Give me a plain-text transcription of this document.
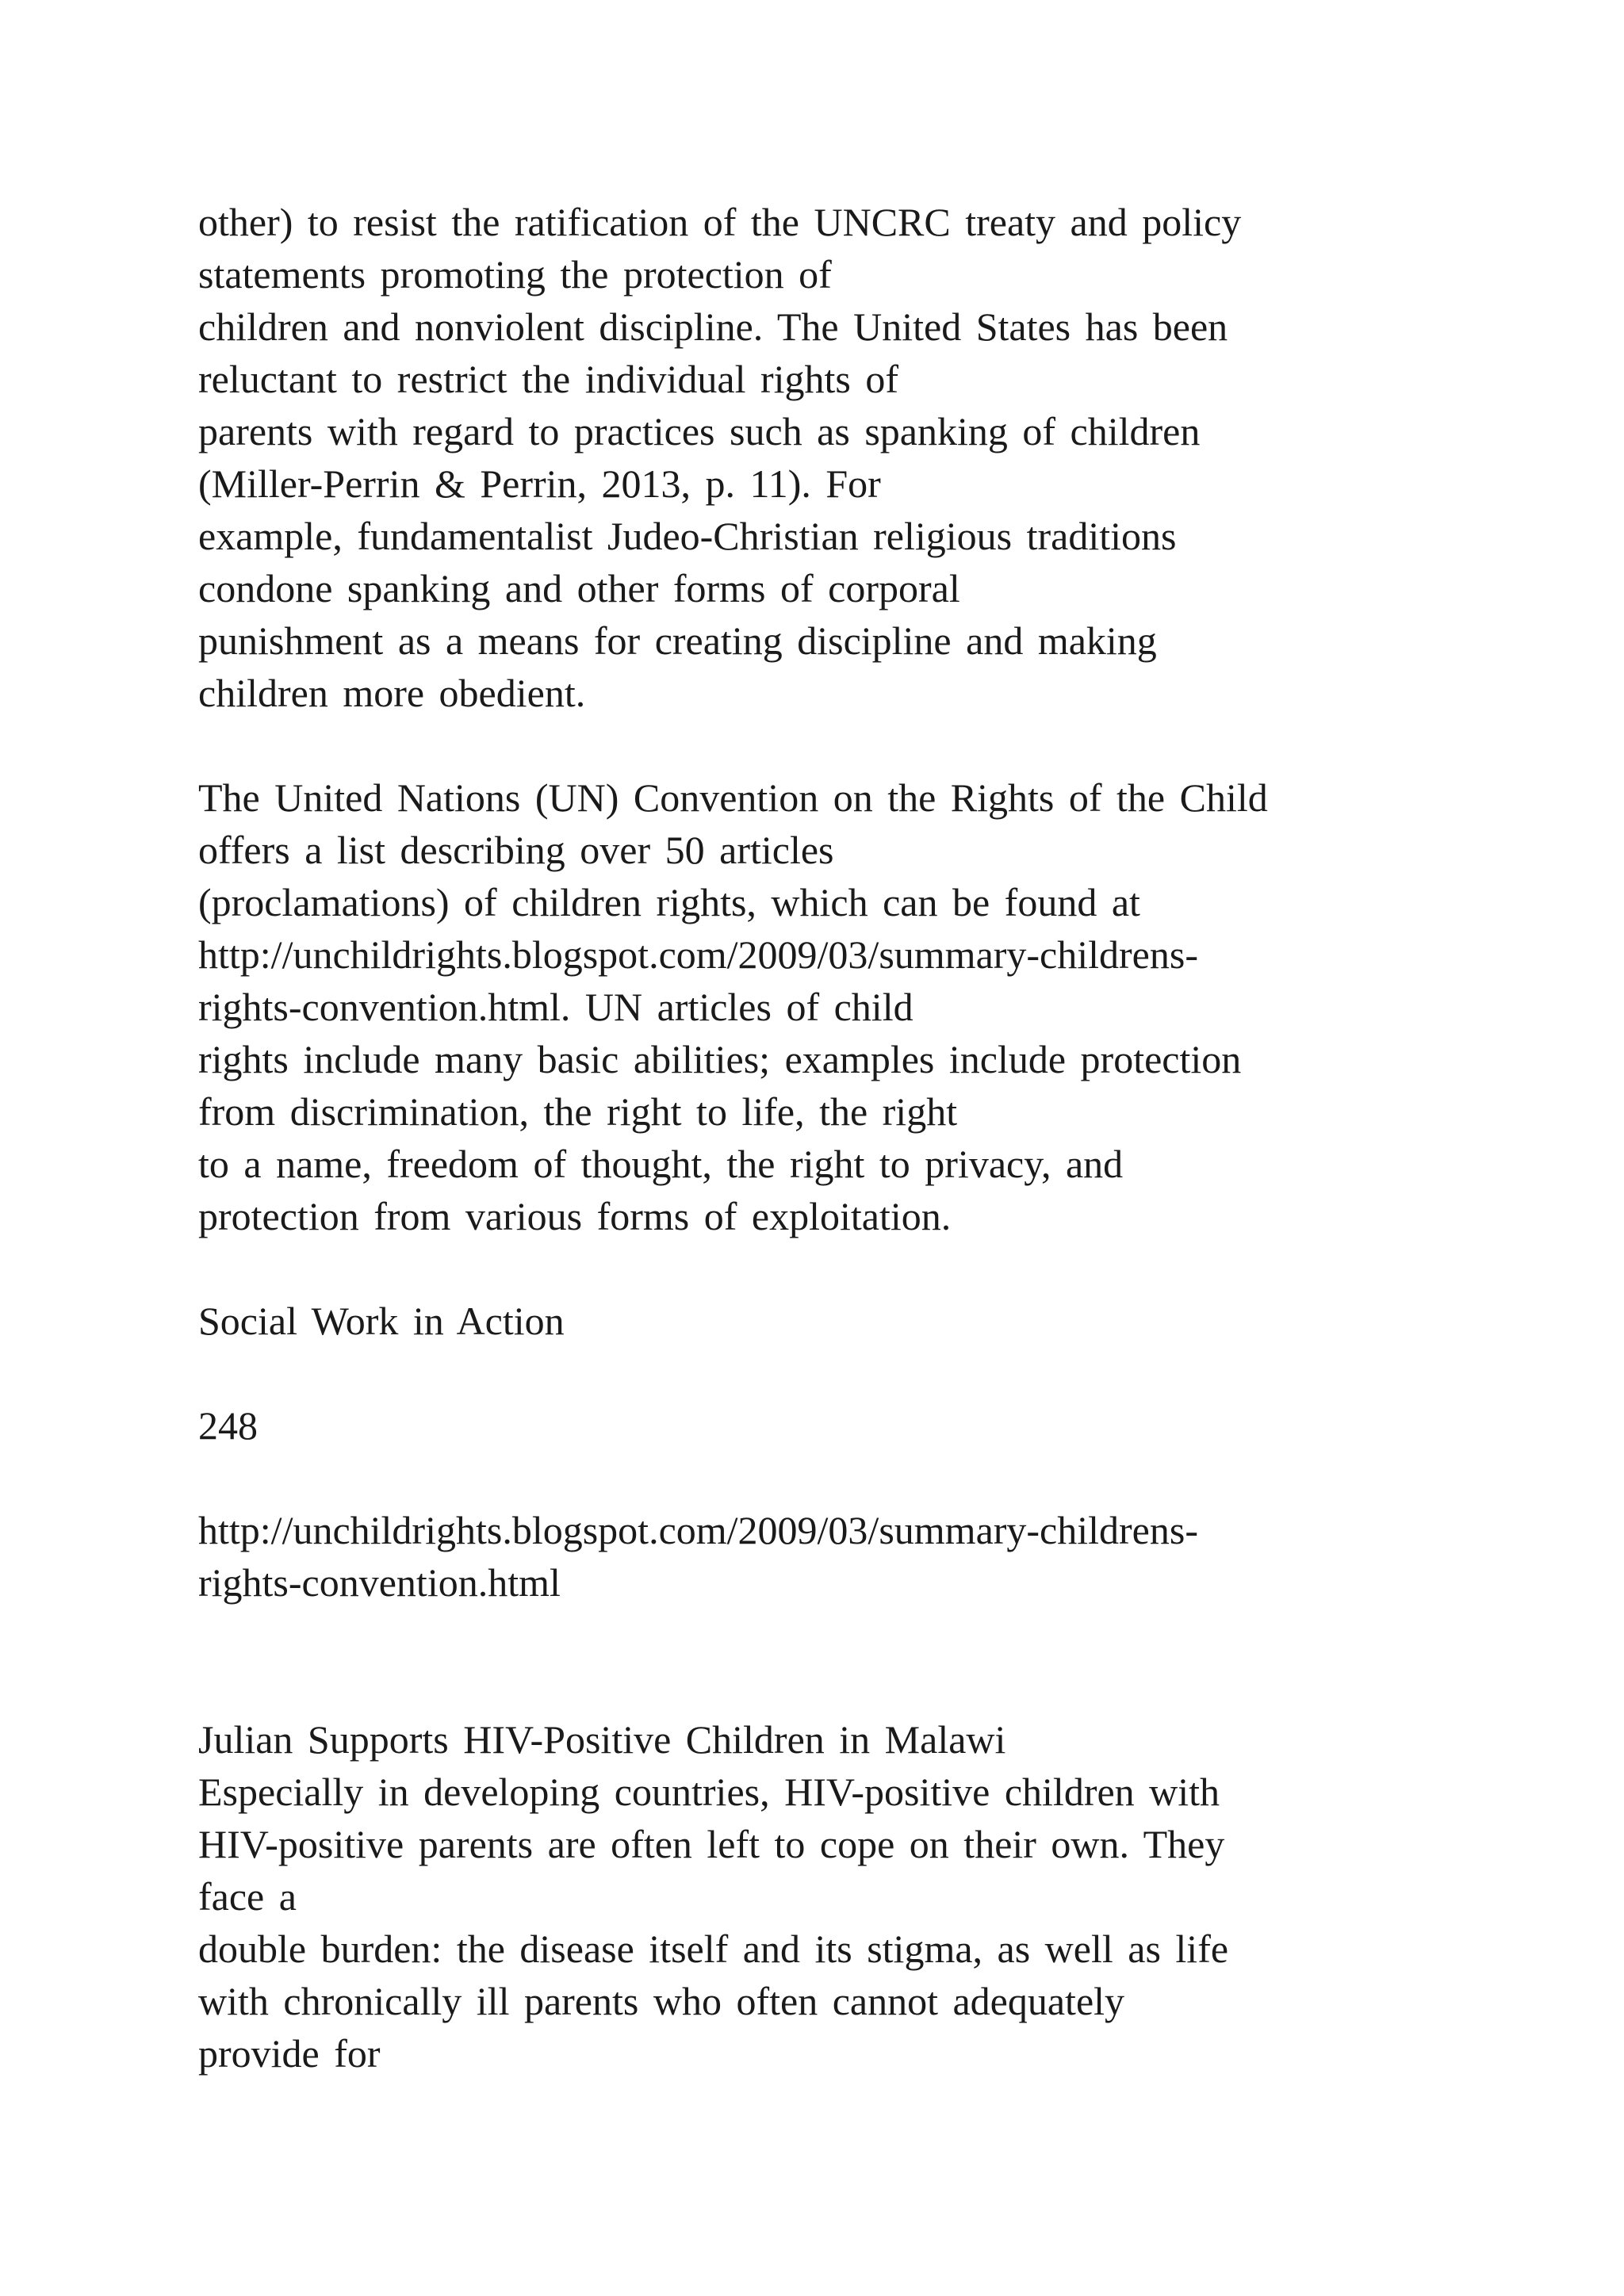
other) to resist the ratification of the UNCRC treaty and policy

statements promoting the protection of

children and nonviolent discipline. The United States has been

reluctant to restrict the individual rights of

parents with regard to practices such as spanking of children

(Miller-Perrin & Perrin, 2013, p. 11). For

example, fundamentalist Judeo-Christian religious traditions

condone spanking and other forms of corporal

punishment as a means for creating discipline and making

children more obedient.

The United Nations (UN) Convention on the Rights of the Child

offers a list describing over 50 articles

(proclamations) of children rights, which can be found at

http://unchildrights.blogspot.com/2009/03/summary-childrens-

rights-convention.html. UN articles of child

rights include many basic abilities; examples include protection

from discrimination, the right to life, the right

to a name, freedom of thought, the right to privacy, and

protection from various forms of exploitation.

Social Work in Action

248

http://unchildrights.blogspot.com/2009/03/summary-childrens-

rights-convention.html

Julian Supports HIV-Positive Children in Malawi

Especially in developing countries, HIV-positive children with

HIV-positive parents are often left to cope on their own. They

face a

double burden: the disease itself and its stigma, as well as life

with chronically ill parents who often cannot adequately

provide for
